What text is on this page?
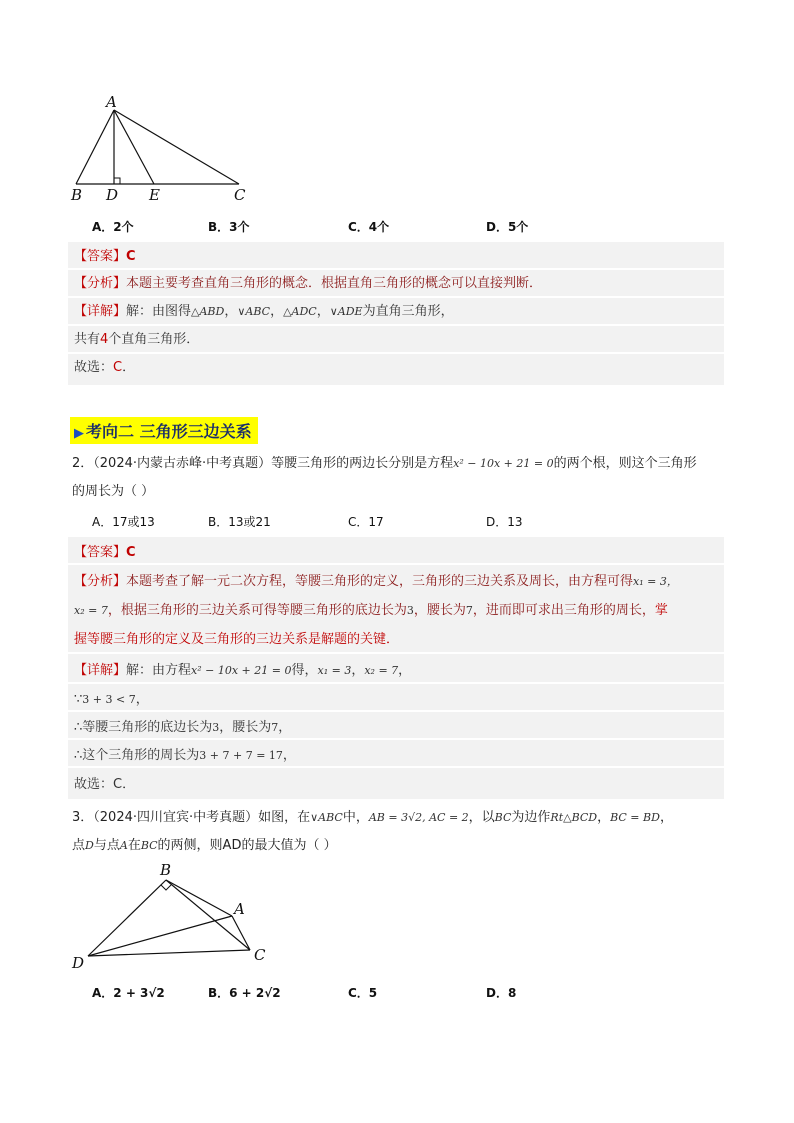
A
B D E	C
A．2个	B．3个	C．4个	D．5个
【答案】C
【分析】本题主要考查直角三角形的概念．根据直角三角形的概念可以直接判断．
【详解】解：由图得△ABD，∨ABC，△ADC，∨ADE为直角三角形，
共有4个直角三角形．
故选：C．
▶ 考向二 三角形三边关系
2．（2024·内蒙古赤峰·中考真题）等腰三角形的两边长分别是方程x² − 10x + 21 = 0的两个根，则这个三角形
的周长为（ ）
A．17或13	B．13或21	C．17	D．13
【答案】C
【分析】本题考查了解一元二次方程，等腰三角形的定义，三角形的三边关系及周长，由方程可得x₁ = 3，
x₂ = 7，根据三角形的三边关系可得等腰三角形的底边长为3，腰长为7，进而即可求出三角形的周长，掌
握等腰三角形的定义及三角形的三边关系是解题的关键．
【详解】解：由方程x² − 10x + 21 = 0得，x₁ = 3，x₂ = 7，
∵3 + 3 < 7，
∴等腰三角形的底边长为3，腰长为7，
∴这个三角形的周长为3 + 7 + 7 = 17，
故选：C．
3．（2024·四川宜宾·中考真题）如图，在∨ABC中，AB = 3√2, AC = 2，以BC为边作Rt△BCD，BC = BD，
点D与点A在BC的两侧，则AD的最大值为（ ）
B
A
D	C
A．2 + 3√2	B．6 + 2√2	C．5	D．8
